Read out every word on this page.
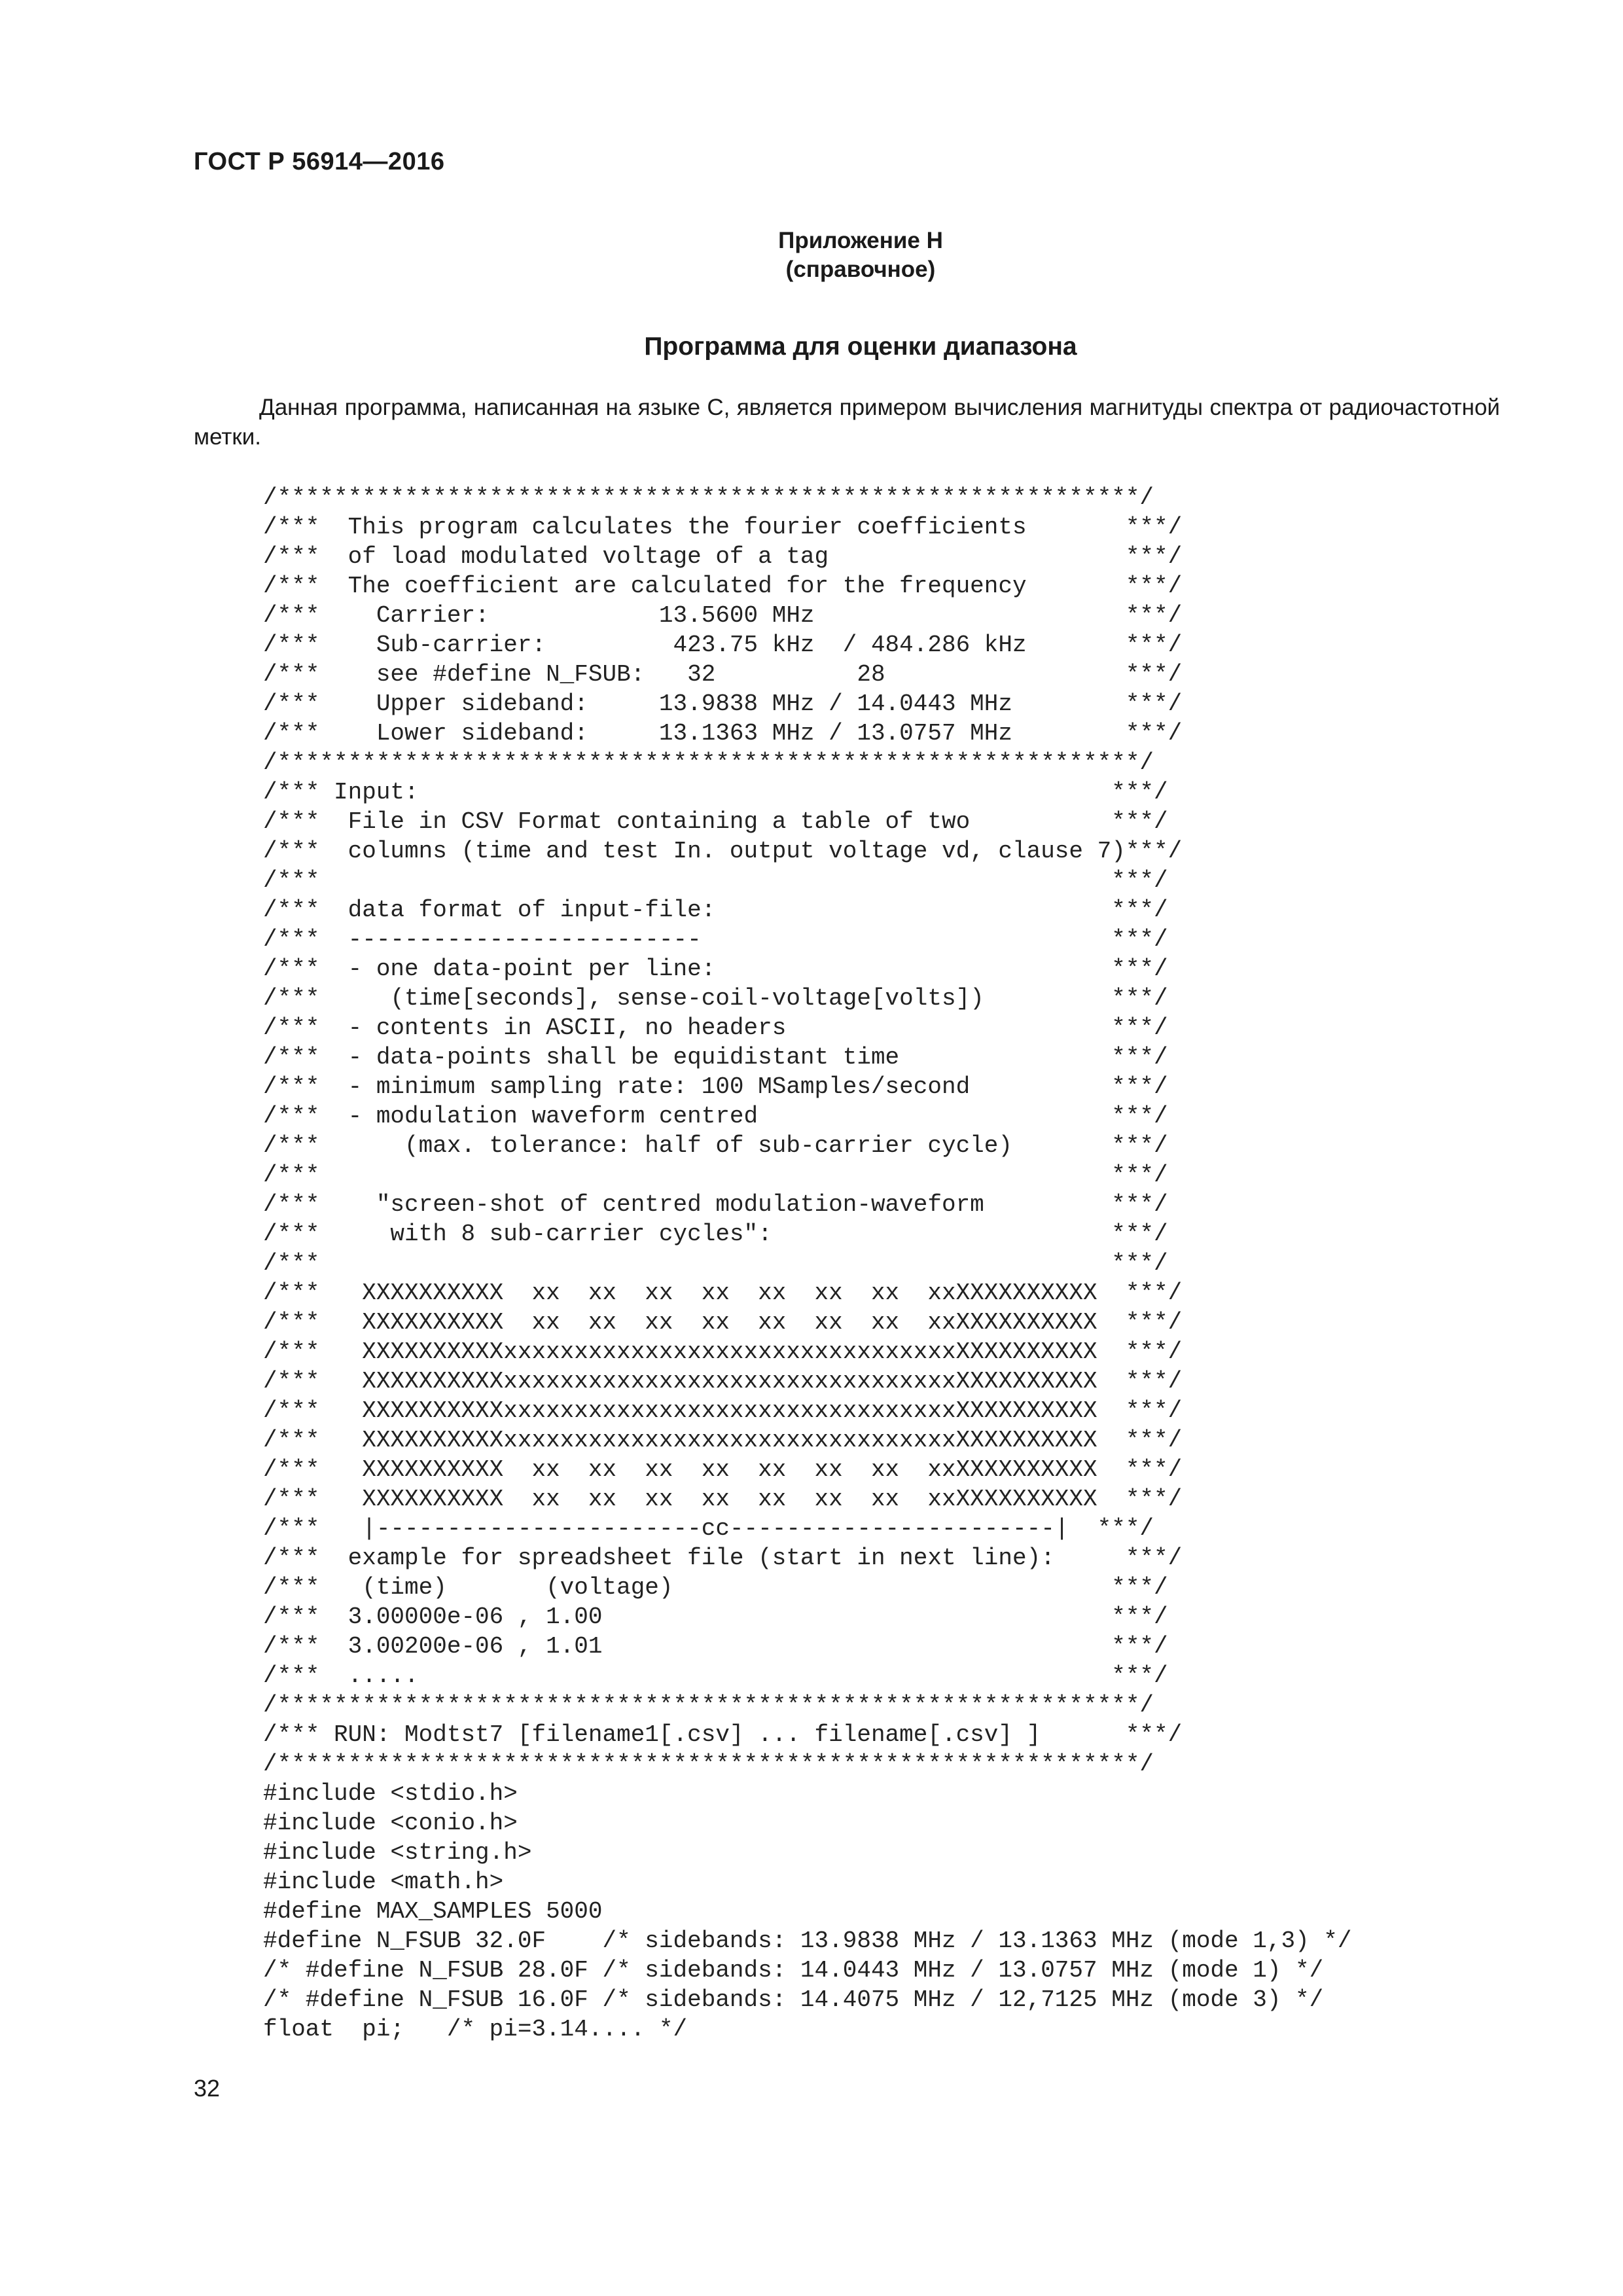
ГОСТ Р 56914—2016
Приложение Н
(справочное)
Программа для оценки диапазона
Данная программа, написанная на языке С, является примером вычисления магнитуды спектра от радиочастотной метки.
/*************************************************************/
/***  This program calculates the fourier coefficients       ***/
/***  of load modulated voltage of a tag                     ***/
/***  The coefficient are calculated for the frequency       ***/
/***    Carrier:            13.5600 MHz                      ***/
/***    Sub-carrier:         423.75 kHz  / 484.286 kHz       ***/
/***    see #define N_FSUB:   32          28                 ***/
/***    Upper sideband:     13.9838 MHz / 14.0443 MHz        ***/
/***    Lower sideband:     13.1363 MHz / 13.0757 MHz        ***/
/*************************************************************/
/*** Input:                                                 ***/
/***  File in CSV Format containing a table of two          ***/
/***  columns (time and test In. output voltage vd, clause 7)***/
/***                                                        ***/
/***  data format of input-file:                            ***/
/***  -------------------------                             ***/
/***  - one data-point per line:                            ***/
/***     (time[seconds], sense-coil-voltage[volts])         ***/
/***  - contents in ASCII, no headers                       ***/
/***  - data-points shall be equidistant time               ***/
/***  - minimum sampling rate: 100 MSamples/second          ***/
/***  - modulation waveform centred                         ***/
/***      (max. tolerance: half of sub-carrier cycle)       ***/
/***                                                        ***/
/***    "screen-shot of centred modulation-waveform         ***/
/***     with 8 sub-carrier cycles":                        ***/
/***                                                        ***/
/***   XXXXXXXXXX  xx  xx  xx  xx  xx  xx  xx  xxXXXXXXXXXX  ***/
/***   XXXXXXXXXX  xx  xx  xx  xx  xx  xx  xx  xxXXXXXXXXXX  ***/
/***   XXXXXXXXXXxxxxxxxxxxxxxxxxxxxxxxxxxxxxxxxxXXXXXXXXXX  ***/
/***   XXXXXXXXXXxxxxxxxxxxxxxxxxxxxxxxxxxxxxxxxxXXXXXXXXXX  ***/
/***   XXXXXXXXXXxxxxxxxxxxxxxxxxxxxxxxxxxxxxxxxxXXXXXXXXXX  ***/
/***   XXXXXXXXXXxxxxxxxxxxxxxxxxxxxxxxxxxxxxxxxxXXXXXXXXXX  ***/
/***   XXXXXXXXXX  xx  xx  xx  xx  xx  xx  xx  xxXXXXXXXXXX  ***/
/***   XXXXXXXXXX  xx  xx  xx  xx  xx  xx  xx  xxXXXXXXXXXX  ***/
/***   |-----------------------cc-----------------------|  ***/
/***  example for spreadsheet file (start in next line):     ***/
/***   (time)       (voltage)                               ***/
/***  3.00000e-06 , 1.00                                    ***/
/***  3.00200e-06 , 1.01                                    ***/
/***  .....                                                 ***/
/*************************************************************/
/*** RUN: Modtst7 [filename1[.csv] ... filename[.csv] ]      ***/
/*************************************************************/
#include <stdio.h>
#include <conio.h>
#include <string.h>
#include <math.h>
#define MAX_SAMPLES 5000
#define N_FSUB 32.0F    /* sidebands: 13.9838 MHz / 13.1363 MHz (mode 1,3) */
/* #define N_FSUB 28.0F /* sidebands: 14.0443 MHz / 13.0757 MHz (mode 1) */
/* #define N_FSUB 16.0F /* sidebands: 14.4075 MHz / 12,7125 MHz (mode 3) */
float  pi;   /* pi=3.14.... */
32
